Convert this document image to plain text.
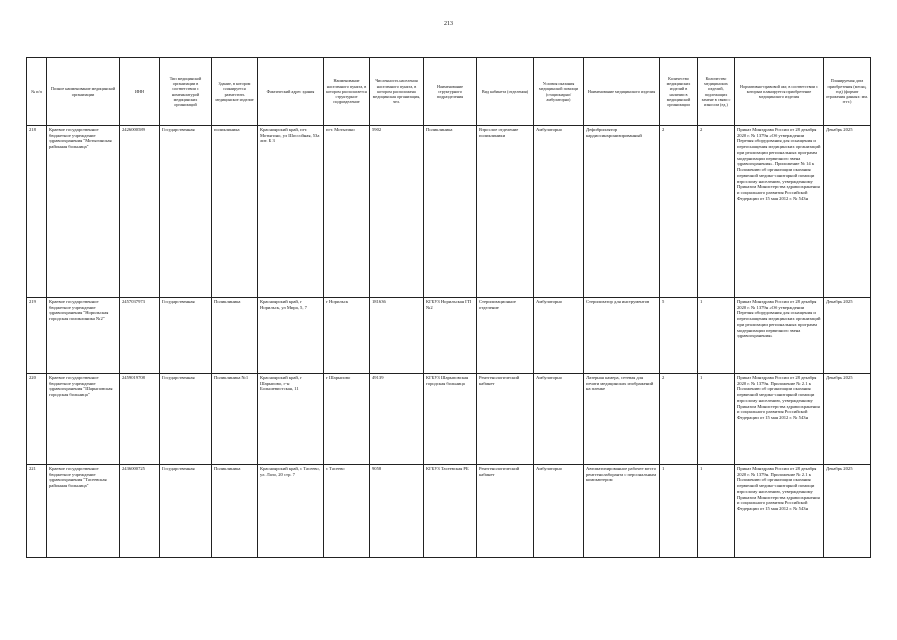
213
№ п/п	Полное наименование медицинской организации	ИНН	Тип медицинской организации в соответствии с номенклатурой медицинских организаций	Здание, в котором планируется разместить медицинское изделие	Фактический адрес здания	Наименование населенного пункта, в котором располагается структурное подразделение	Численность населения населенного пункта, в котором расположена медицинская организация, чел.	Наименование структурного подразделения	Вид кабинета (отделения)	Условия оказания медицинской помощи (стационарно/амбулаторно)	Наименование медицинского изделия	Количество медицинских изделий в наличии в медицинской организации	Количество медицинских изделий, подлежащих замене в связи с износом (ед.)	Нормативно-правовой акт, в соответствии с которым планируется приобретение медицинского изделия	Планируемая дата приобретения (месяц, год) (формат отражения данных: мм. гггг.)
218	Краевое государственное бюджетное учреждение здравоохранения "Мотыгинская районная больница"	2426000589	Государственная	поликлиника	Красноярский край, пгт. Мотыгино, ул Шосссйная, 53а лит. Б 3	пгт. Мотыгино	5902	Поликлиника	Взрослое отделение поликлиники	Амбулаторно	Дефибриллятор кардиосинхронизированный	2	2	Приказ Минздрава России от 28 декабря 2020 г. № 1379н «Об утверждении Перечня оборудования для оснащения и переоснащения медицинских организаций при реализации региональных программ модернизации первичного звена здравоохранения». Приложение № 14 к Положению об организации оказания первичной медико-санитарной помощи взрослому населению, утвержденному Приказом Министерства здравоохранения и социального развития Российской Федерации от 15 мая 2012 г. № 543н	Декабрь 2025
219	Краевое государственное бюджетное учреждение здравоохранения "Норильская городская поликлиника №2"	2457037973	Государственная	Поликлиника	Красноярский край, г Норильск, ул Мира, 5, 7	г Норильск	181636	КГБУЗ Норильская ГП №2	Стерилизационное отделение	Амбулаторно	Стерилизатор для инструментов	5	1	Приказ Минздрава России от 28 декабря 2020 г. № 1379н «Об утверждении Перечня оборудования для оснащения и переоснащения медицинских организаций при реализации региональных программ модернизации первичного звена здравоохранения»	Декабрь 2025
220	Краевое государственное бюджетное учреждение здравоохранения "Шарыповская городская больница"	2459019708	Государственная	Поликлиника №1	Красноярский край, г Шарыпово, г-н Большевистская, 11	г Шарыпово	49139	КГБУЗ Шарыповская городская больница	Рентгенологический кабинет	Амбулаторно	Лазерная камера, сетевая для печати медицинских изображений на пленке	2	1	Приказ Минздрава России от 28 декабря 2020 г. № 1379н. Приложение № 2.1 к Положению об организации оказания первичной медико-санитарной помощи взрослому населению, утвержденному Приказом Министерства здравоохранения и социального развития Российской Федерации от 15 мая 2012 г. № 543н	Декабрь 2025
221	Краевое государственное бюджетное учреждение здравоохранения "Тасеевская районная больница"	2436000725	Государственная	Поликлиника	Красноярский край, с Тасеево, ул. Лазо, 20 стр. 7	с Тасеево	9058	КГБУЗ Тасеевская РБ	Рентгенологический кабинет	Амбулаторно	Автоматизированное рабочее место рентгенолаборанта с персональным компьютером	1	1	Приказ Минздрава России от 28 декабря 2020 г. № 1379н. Приложение № 2.1 к Положению об организации оказания первичной медико-санитарной помощи взрослому населению, утвержденному Приказом Министерства здравоохранения и социального развития Российской Федерации от 15 мая 2012 г. № 543н	Декабрь 2025
